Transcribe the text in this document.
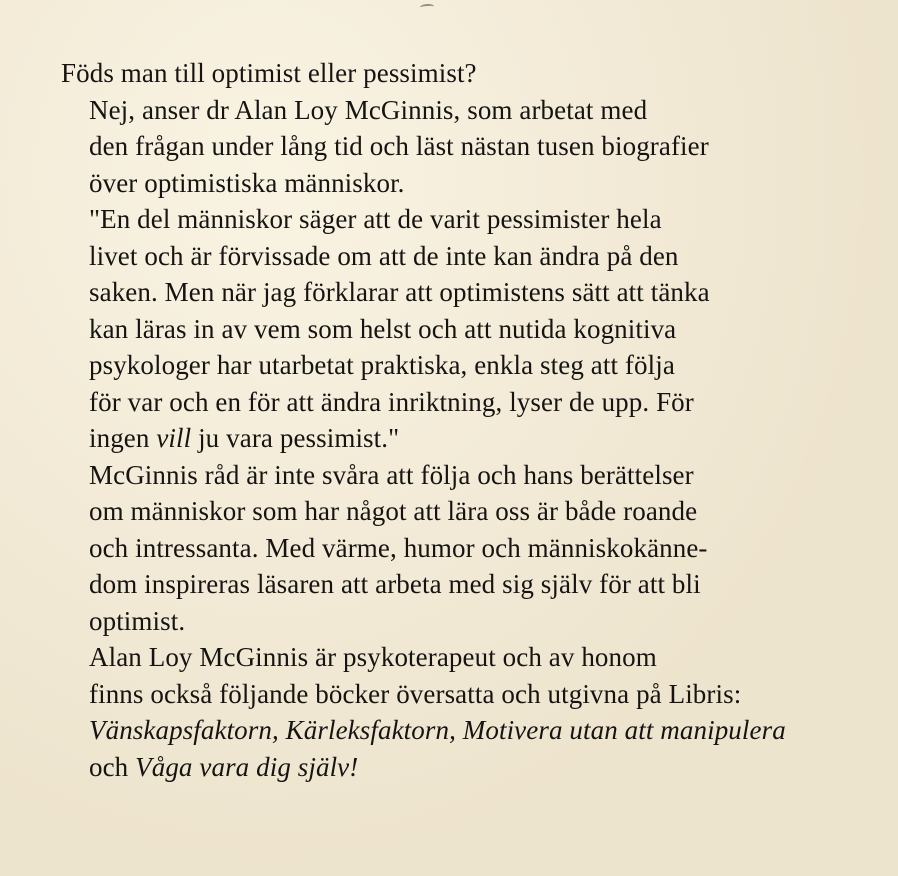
Föds man till optimist eller pessimist?

Nej, anser dr Alan Loy McGinnis, som arbetat med
den frågan under lång tid och läst nästan tusen biografier
över optimistiska människor.

"En del människor säger att de varit pessimister hela
livet och är förvissade om att de inte kan ändra på den
saken. Men när jag förklarar att optimistens sätt att tänka
kan läras in av vem som helst och att nutida kognitiva
psykologer har utarbetat praktiska, enkla steg att följa
för var och en för att ändra inriktning, lyser de upp. För
ingen vill ju vara pessimist."

McGinnis råd är inte svåra att följa och hans berättelser
om människor som har något att lära oss är både roande
och intressanta. Med värme, humor och människokänne-
dom inspireras läsaren att arbeta med sig själv för att bli
optimist.

Alan Loy McGinnis är psykoterapeut och av honom
finns också följande böcker översatta och utgivna på Libris:
Vänskapsfaktorn, Kärleksfaktorn, Motivera utan att manipulera
och Våga vara dig själv!
